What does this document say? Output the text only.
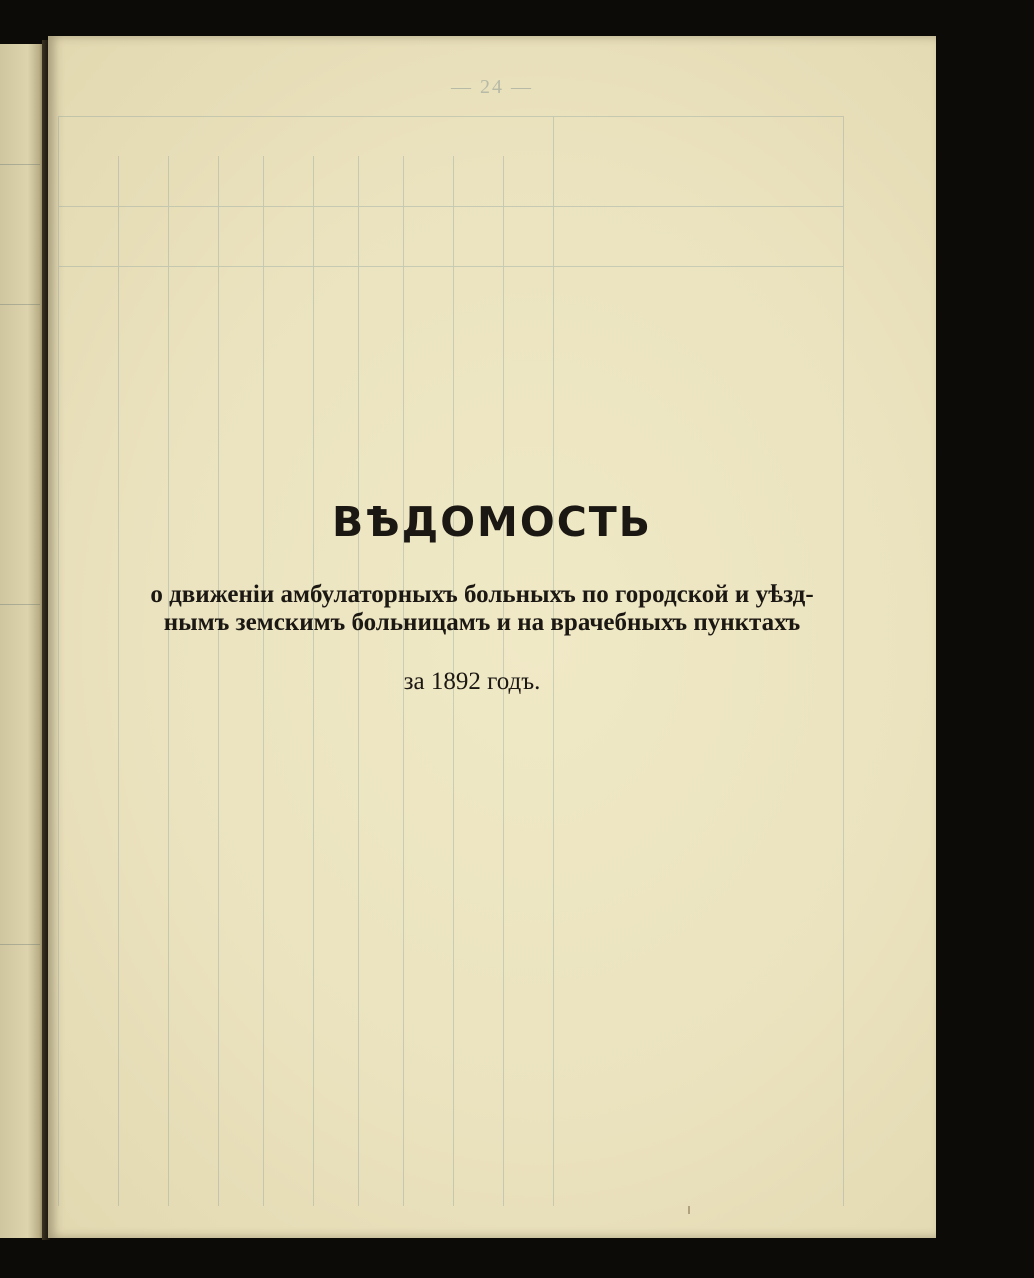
— 24 —
ВѢДОМОСТЬ
о движенiи амбулаторныхъ больныхъ по городской и уѣзд-
нымъ земскимъ больницамъ и на врачебныхъ пунктахъ
за 1892 годъ.
